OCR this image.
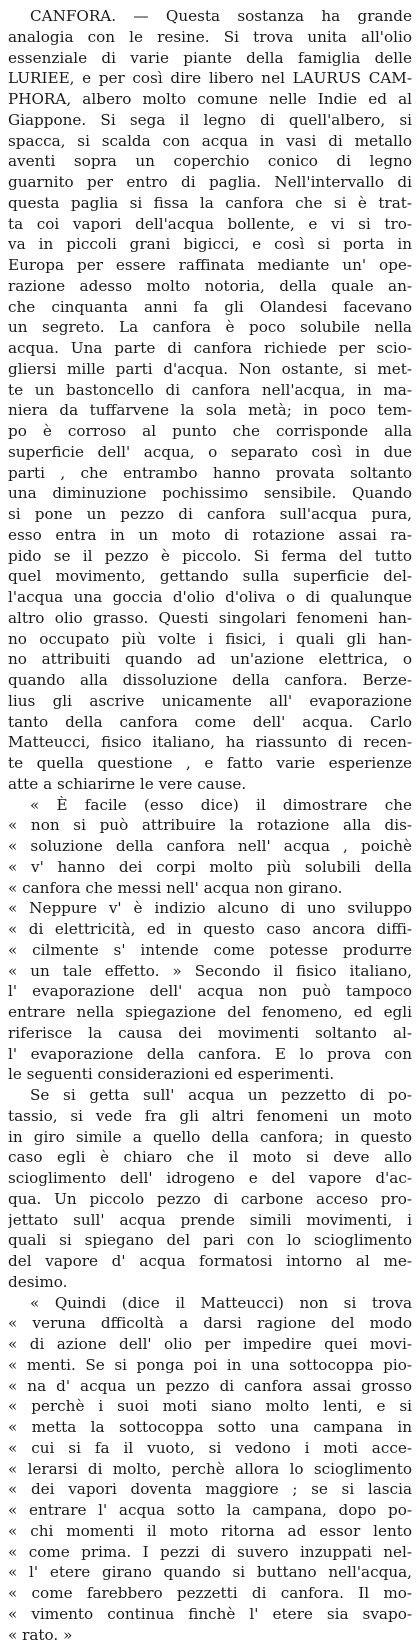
CANFORA. — Questa sostanza ha grande
analogia con le resine. Si trova unita all'olio
essenziale di varie piante della famiglia delle
LURIEE, e per così dire libero nel LAURUS CAM-
PHORA, albero molto comune nelle Indie ed al
Giappone. Si sega il legno di quell'albero, si
spacca, si scalda con acqua in vasi di metallo
aventi sopra un coperchio conico di legno
guarnito per entro di paglia. Nell'intervallo di
questa paglia si fissa la canfora che si è trat-
ta coi vapori dell'acqua bollente, e vi si tro-
va in piccoli grani bigicci, e così si porta in
Europa per essere raffinata mediante un' ope-
razione adesso molto notoria, della quale an-
che cinquanta anni fa gli Olandesi facevano
un segreto. La canfora è poco solubile nella
acqua. Una parte di canfora richiede per scio-
gliersi mille parti d'acqua. Non ostante, si met-
te un bastoncello di canfora nell'acqua, in ma-
niera da tuffarvene la sola metà; in poco tem-
po è corroso al punto che corrisponde alla
superficie dell' acqua, o separato così in due
parti , che entrambo hanno provata soltanto
una diminuzione pochissimo sensibile. Quando
si pone un pezzo di canfora sull'acqua pura,
esso entra in un moto di rotazione assai ra-
pido se il pezzo è piccolo. Si ferma del tutto
quel movimento, gettando sulla superficie del-
l'acqua una goccia d'olio d'oliva o di qualunque
altro olio grasso. Questi singolari fenomeni han-
no occupato più volte i fisici, i quali gli han-
no attribuiti quando ad un'azione elettrica, o
quando alla dissoluzione della canfora. Berze-
lius gli ascrive unicamente all' evaporazione
tanto della canfora come dell' acqua. Carlo
Matteucci, fisico italiano, ha riassunto di recen-
te quella questione , e fatto varie esperienze
atte a schiarirne le vere cause.
« È facile (esso dice) il dimostrare che
« non si può attribuire la rotazione alla dis-
« soluzione della canfora nell' acqua , poichè
« v' hanno dei corpi molto più solubili della
« canfora che messi nell' acqua non girano.
« Neppure v' è indizio alcuno di uno sviluppo
« di elettricità, ed in questo caso ancora diffi-
« cilmente s' intende come potesse produrre
« un tale effetto. » Secondo il fisico italiano,
l' evaporazione dell' acqua non può tampoco
entrare nella spiegazione del fenomeno, ed egli
riferisce la causa dei movimenti soltanto al-
l' evaporazione della canfora. E lo prova con
le seguenti considerazioni ed esperimenti.
Se si getta sull' acqua un pezzetto di po-
tassio, si vede fra gli altri fenomeni un moto
in giro simile a quello della canfora; in questo
caso egli è chiaro che il moto si deve allo
scioglimento dell' idrogeno e del vapore d'ac-
qua. Un piccolo pezzo di carbone acceso pro-
jettato sull' acqua prende simili movimenti, i
quali si spiegano del pari con lo scioglimento
del vapore d' acqua formatosi intorno al me-
desimo.
« Quindi (dice il Matteucci) non si trova
« veruna dfficoltà a darsi ragione del modo
« di azione dell' olio per impedire quei movi-
« menti. Se si ponga poi in una sottocoppa pio-
« na d' acqua un pezzo di canfora assai grosso
« perchè i suoi moti siano molto lenti, e si
« metta la sottocoppa sotto una campana in
« cui si fa il vuoto, si vedono i moti acce-
« lerarsi di molto, perchè allora lo scioglimento
« dei vapori doventa maggiore ; se si lascia
« entrare l' acqua sotto la campana, dopo po-
« chi momenti il moto ritorna ad essor lento
« come prima. I pezzi di suvero inzuppati nel-
« l' etere girano quando si buttano nell'acqua,
« come farebbero pezzetti di canfora. Il mo-
« vimento continua finchè l' etere sia svapo-
« rato. »
